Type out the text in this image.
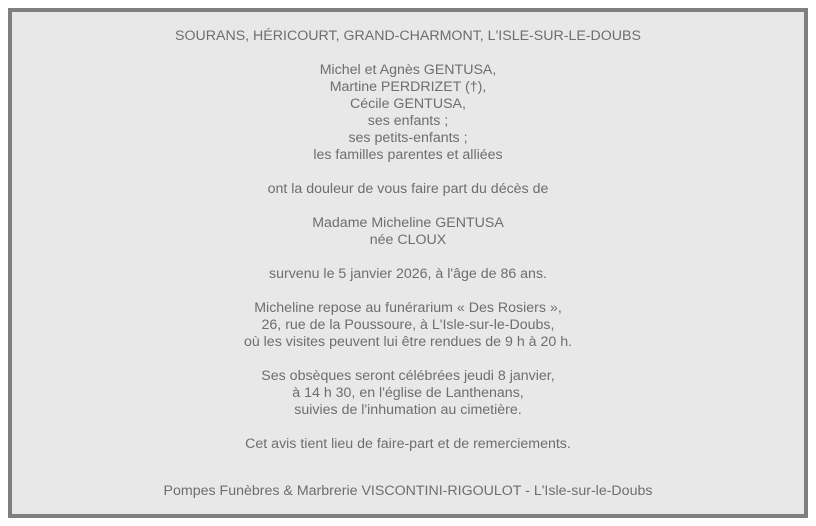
SOURANS, HÉRICOURT, GRAND-CHARMONT, L'ISLE-SUR-LE-DOUBS
Michel et Agnès GENTUSA,
Martine PERDRIZET (†),
Cécile GENTUSA,
ses enfants ;
ses petits-enfants ;
les familles parentes et alliées
ont la douleur de vous faire part du décès de
Madame Micheline GENTUSA
née CLOUX
survenu le 5 janvier 2026, à l'âge de 86 ans.
Micheline repose au funérarium « Des Rosiers »,
26, rue de la Poussoure, à L'Isle-sur-le-Doubs,
où les visites peuvent lui être rendues de 9 h à 20 h.
Ses obsèques seront célébrées jeudi 8 janvier,
à 14 h 30, en l'église de Lanthenans,
suivies de l'inhumation au cimetière.
Cet avis tient lieu de faire-part et de remerciements.
Pompes Funèbres & Marbrerie VISCONTINI-RIGOULOT - L'Isle-sur-le-Doubs
